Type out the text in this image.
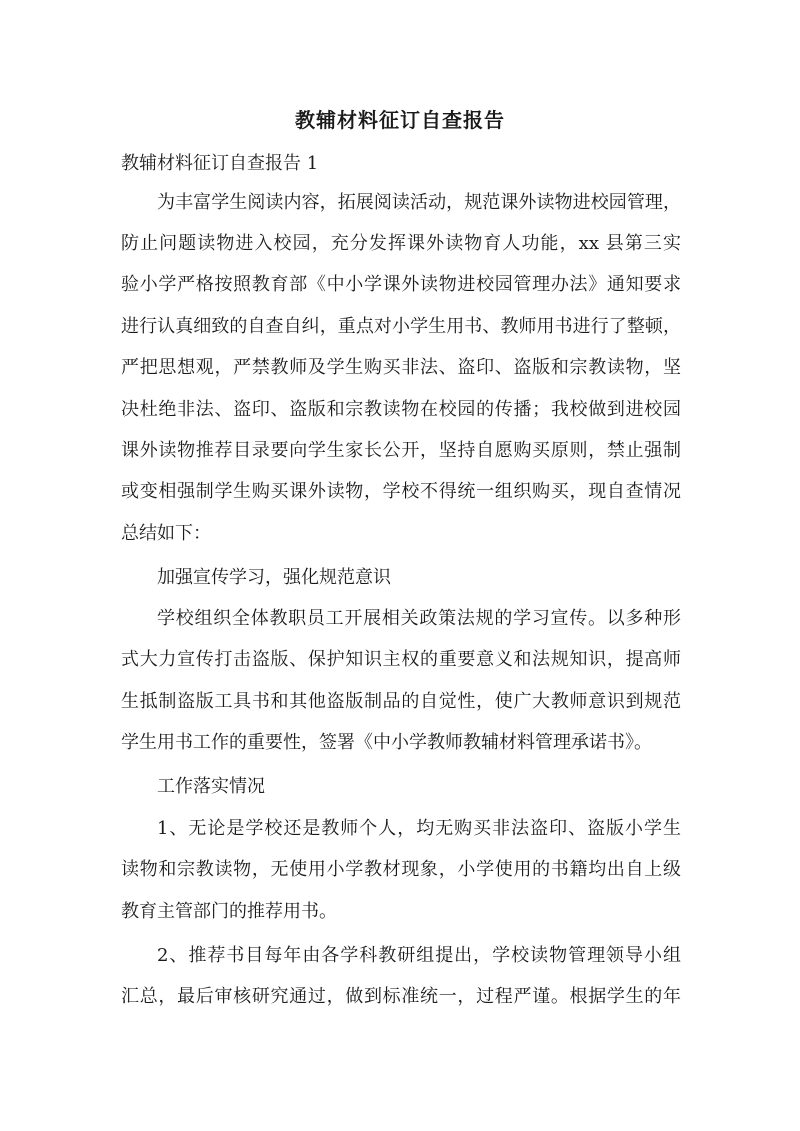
教辅材料征订自查报告
教辅材料征订自查报告 1
为丰富学生阅读内容，拓展阅读活动，规范课外读物进校园管理，
防止问题读物进入校园，充分发挥课外读物育人功能，xx 县第三实
验小学严格按照教育部《中小学课外读物进校园管理办法》通知要求
进行认真细致的自查自纠，重点对小学生用书、教师用书进行了整顿，
严把思想观，严禁教师及学生购买非法、盗印、盗版和宗教读物，坚
决杜绝非法、盗印、盗版和宗教读物在校园的传播；我校做到进校园
课外读物推荐目录要向学生家长公开，坚持自愿购买原则，禁止强制
或变相强制学生购买课外读物，学校不得统一组织购买，现自查情况
总结如下：
加强宣传学习，强化规范意识
学校组织全体教职员工开展相关政策法规的学习宣传。以多种形
式大力宣传打击盗版、保护知识主权的重要意义和法规知识，提高师
生抵制盗版工具书和其他盗版制品的自觉性，使广大教师意识到规范
学生用书工作的重要性，签署《中小学教师教辅材料管理承诺书》。
工作落实情况
1、无论是学校还是教师个人，均无购买非法盗印、盗版小学生
读物和宗教读物，无使用小学教材现象，小学使用的书籍均出自上级
教育主管部门的推荐用书。
2、推荐书目每年由各学科教研组提出，学校读物管理领导小组
汇总，最后审核研究通过，做到标准统一，过程严谨。根据学生的年
